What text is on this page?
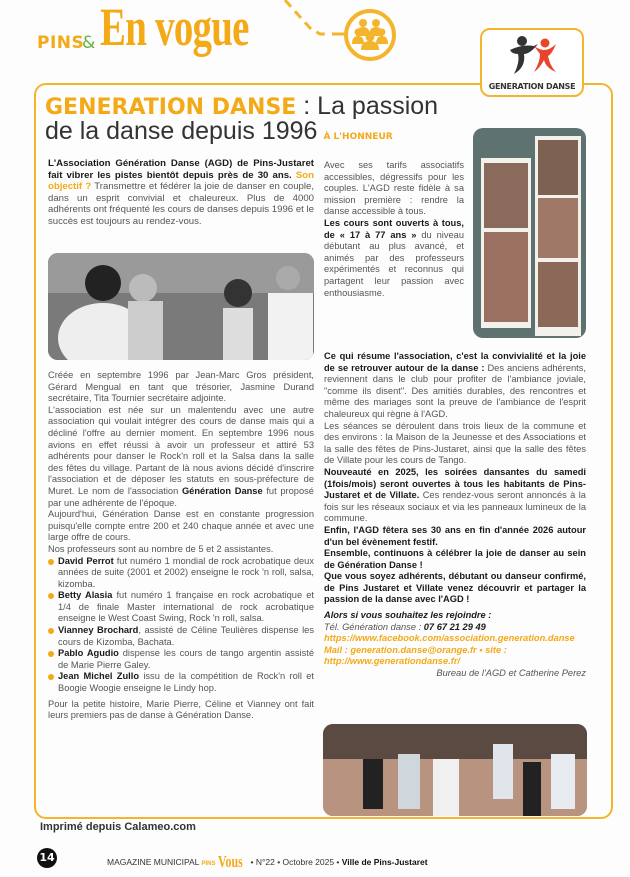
PINS
& En vogue
GENERATION DANSE
GENERATION DANSE : La passion
de la danse depuis 1996 À L'HONNEUR

L'Association Génération Danse (AGD) de Pins-Justaret fait vibrer les pistes bientôt depuis près de 30 ans. Son objectif ? Transmettre et fédérer la joie de danser en couple, dans un esprit convivial et chaleureux. Plus de 4000 adhérents ont fréquenté les cours de danses depuis 1996 et le succès est toujours au rendez-vous.

Créée en septembre 1996 par Jean-Marc Gros président, Gérard Mengual en tant que trésorier, Jasmine Durand secrétaire, Tita Tournier secrétaire adjointe.

L'association est née sur un malentendu avec une autre association qui voulait intégrer des cours de danse mais qui a décliné l'offre au dernier moment. En septembre 1996 nous avions en effet réussi à avoir un professeur et attiré 53 adhérents pour danser le Rock'n roll et la Salsa dans la salle des fêtes du village. Partant de là nous avions décidé d'inscrire l'association et de déposer les statuts en sous-préfecture de Muret. Le nom de l'association Génération Danse fut proposé par une adhérente de l'époque.

Aujourd'hui, Génération Danse est en constante progression puisqu'elle compte entre 200 et 240 chaque année et avec une large offre de cours.

Nos professeurs sont au nombre de 5 et 2 assistantes.

David Perrot fut numéro 1 mondial de rock acrobatique deux années de suite (2001 et 2002) enseigne le rock 'n roll, salsa, kizomba.

Betty Alasia fut numéro 1 française en rock acrobatique et 1/4 de finale Master international de rock acrobatique enseigne le West Coast Swing, Rock 'n roll, salsa.

Vianney Brochard, assisté de Céline Teulières dispense les cours de Kizomba, Bachata.

Pablo Agudio dispense les cours de tango argentin assisté de Marie Pierre Galey.

Jean Michel Zullo issu de la compétition de Rock'n roll et Boogie Woogie enseigne le Lindy hop.

Pour la petite histoire, Marie Pierre, Céline et Vianney ont fait leurs premiers pas de danse à Génération Danse.

Avec ses tarifs associatifs accessibles, dégressifs pour les couples. L'AGD reste fidèle à sa mission première : rendre la danse accessible à tous.

Les cours sont ouverts à tous, de « 17 à 77 ans » du niveau débutant au plus avancé, et animés par des professeurs expérimentés et reconnus qui partagent leur passion avec enthousiasme.

Ce qui résume l'association, c'est la convivialité et la joie de se retrouver autour de la danse : Des anciens adhérents, reviennent dans le club pour profiter de l'ambiance joviale, "comme ils disent". Des amitiés durables, des rencontres et même des mariages sont la preuve de l'ambiance de l'esprit chaleureux qui règne à l'AGD.

Les séances se déroulent dans trois lieux de la commune et des environs : la Maison de la Jeunesse et des Associations et la salle des fêtes de Pins-Justaret, ainsi que la salle des fêtes de Villate pour les cours de Tango.

Nouveauté en 2025, les soirées dansantes du samedi (1fois/mois) seront ouvertes à tous les habitants de Pins-Justaret et de Villate. Ces rendez-vous seront annoncés à la fois sur les réseaux sociaux et via les panneaux lumineux de la commune.

Enfin, l'AGD fêtera ses 30 ans en fin d'année 2026 autour d'un bel évènement festif.

Ensemble, continuons à célébrer la joie de danser au sein de Génération Danse !

Que vous soyez adhérents, débutant ou danseur confirmé, de Pins Justaret et Villate venez découvrir et partager la passion de la danse avec l'AGD !

Alors si vous souhaitez les rejoindre :

Tél. Génération danse : 07 67 21 29 49

https://www.facebook.com/association.generation.danse

Mail : generation.danse@orange.fr • site : http://www.generationdanse.fr/

Bureau de l'AGD et Catherine Perez

Imprimé depuis Calameo.com
14	MAGAZINE MUNICIPAL PINS Vous • N°22 • Octobre 2025 • Ville de Pins-Justaret
